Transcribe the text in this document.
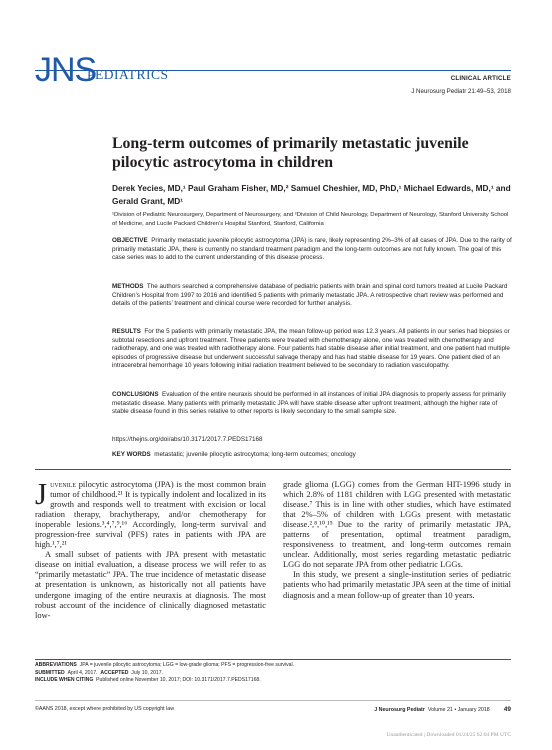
JNS
PEDIATRICS	CLINICAL ARTICLE
J Neurosurg Pediatr 21:49–53, 2018
Long-term outcomes of primarily metastatic juvenile pilocytic astrocytoma in children
Derek Yecies, MD,¹ Paul Graham Fisher, MD,² Samuel Cheshier, MD, PhD,¹ Michael Edwards, MD,¹ and Gerald Grant, MD¹
¹Division of Pediatric Neurosurgery, Department of Neurosurgery, and ²Division of Child Neurology, Department of Neurology, Stanford University School of Medicine, and Lucile Packard Children’s Hospital Stanford, Stanford, California
OBJECTIVE Primarily metastatic juvenile pilocytic astrocytoma (JPA) is rare, likely representing 2%–3% of all cases of JPA. Due to the rarity of primarily metastatic JPA, there is currently no standard treatment paradigm and the long-term outcomes are not fully known. The goal of this case series was to add to the current understanding of this disease process.
METHODS The authors searched a comprehensive database of pediatric patients with brain and spinal cord tumors treated at Lucile Packard Children’s Hospital from 1997 to 2016 and identified 5 patients with primarily metastatic JPA. A retrospective chart review was performed and details of the patients’ treatment and clinical course were recorded for further analysis.
RESULTS For the 5 patients with primarily metastatic JPA, the mean follow-up period was 12.3 years. All patients in our series had biopsies or subtotal resections and upfront treatment. Three patients were treated with chemotherapy alone, one was treated with chemotherapy and radiotherapy, and one was treated with radiotherapy alone. Four patients had stable disease after initial treatment, and one patient had multiple episodes of progressive disease but underwent successful salvage therapy and has had stable disease for 19 years. One patient died of an intracerebral hemorrhage 10 years following initial radiation treatment believed to be secondary to radiation vasculopathy.
CONCLUSIONS Evaluation of the entire neuraxis should be performed in all instances of initial JPA diagnosis to properly assess for primarily metastatic disease. Many patients with primarily metastatic JPA will have stable disease after upfront treatment, although the higher rate of stable disease found in this series relative to other reports is likely secondary to the small sample size.
https://thejns.org/doi/abs/10.3171/2017.7.PEDS17168
KEY WORDS metastatic; juvenile pilocytic astrocytoma; long-term outcomes; oncology

Juvenile pilocytic astrocytoma (JPA) is the most common brain tumor of childhood.²¹ It is typically indolent and localized in its growth and responds well to treatment with excision or local radiation therapy, brachytherapy, and/or chemotherapy for inoperable lesions.³,⁴,⁷,⁹,¹⁶ Accordingly, long-term survival and progression-free survival (PFS) rates in patients with JPA are high.¹,⁷,²¹

A small subset of patients with JPA present with metastatic disease on initial evaluation, a disease process we will refer to as “primarily metastatic” JPA. The true incidence of metastatic disease at presentation is unknown, as historically not all patients have undergone imaging of the entire neuraxis at diagnosis. The most robust account of the incidence of clinically diagnosed metastatic low-

grade glioma (LGG) comes from the German HIT-1996 study in which 2.8% of 1181 children with LGG presented with metastatic disease.⁷ This is in line with other studies, which have estimated that 2%–5% of children with LGGs present with metastatic disease.²,⁸,¹⁰,¹⁵ Due to the rarity of primarily metastatic JPA, patterns of presentation, optimal treatment paradigm, responsiveness to treatment, and long-term outcomes remain unclear. Additionally, most series regarding metastatic pediatric LGG do not separate JPA from other pediatric LGGs.

In this study, we present a single-institution series of pediatric patients who had primarily metastatic JPA seen at the time of initial diagnosis and a mean follow-up of greater than 10 years.

ABBREVIATIONS JPA = juvenile pilocytic astrocytoma; LGG = low-grade glioma; PFS = progression-free survival.
SUBMITTED April 4, 2017. ACCEPTED July 10, 2017.
INCLUDE WHEN CITING Published online November 10, 2017; DOI: 10.3171/2017.7.PEDS17168.
©AANS 2018, except where prohibited by US copyright law	J Neurosurg Pediatr Volume 21 • January 2018 49
Unauthenticated | Downloaded 01/24/25 02:04 PM UTC
